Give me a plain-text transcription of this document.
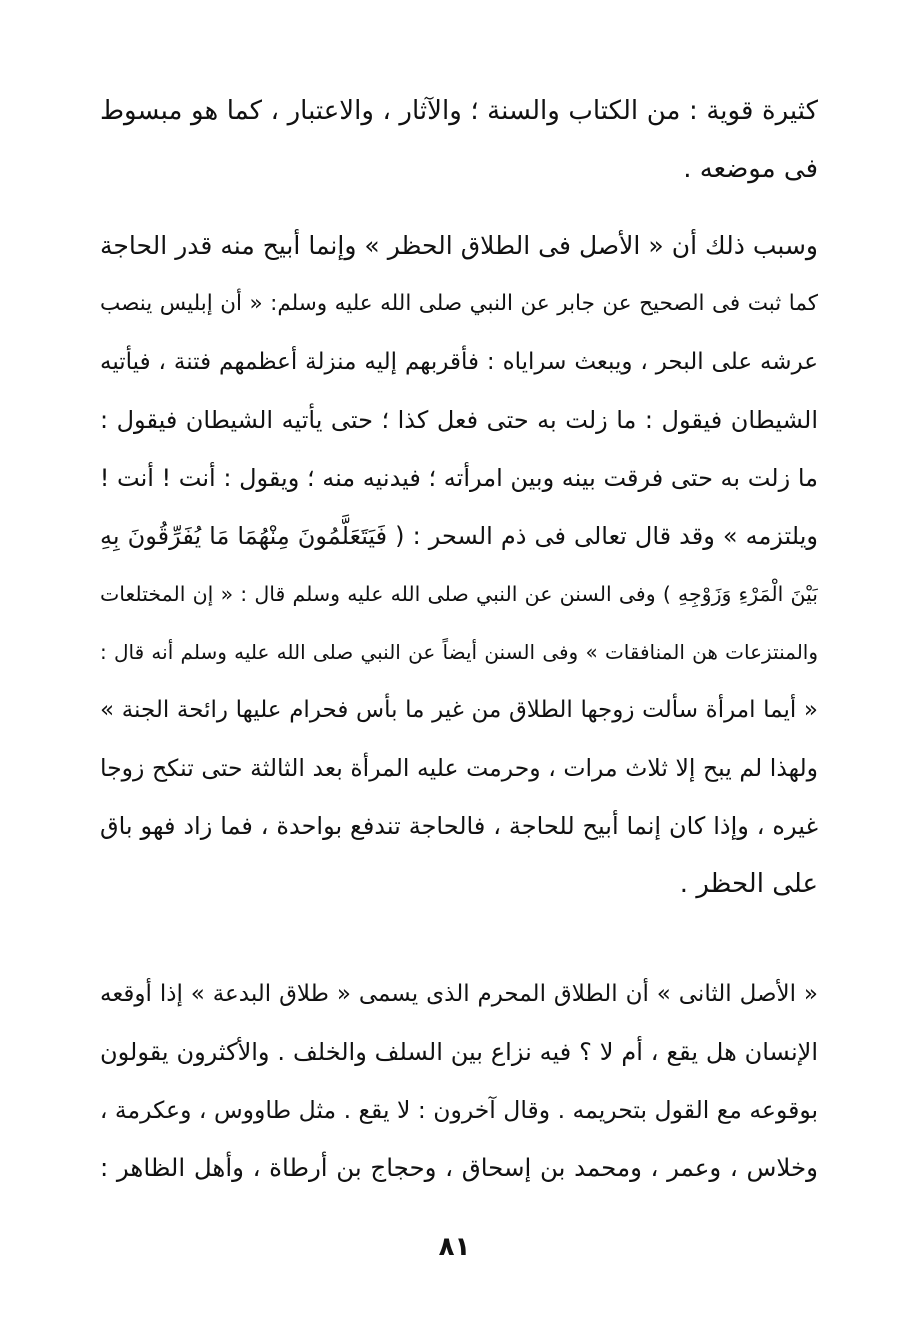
كثيرة قوية : من الكتاب والسنة ؛ والآثار ، والاعتبار ، كما هو مبسوط
فى موضعه .
وسبب ذلك أن « الأصل فى الطلاق الحظر » وإنما أبيح منه قدر الحاجة
كما ثبت فى الصحيح عن جابر عن النبي صلى الله عليه وسلم: « أن إبليس ينصب
عرشه على البحر ، ويبعث سراياه : فأقربهم إليه منزلة أعظمهم فتنة ، فيأتيه
الشيطان فيقول : ما زلت به حتى فعل كذا ؛ حتى يأتيه الشيطان فيقول :
ما زلت به حتى فرقت بينه وبين امرأته ؛ فيدنيه منه ؛ ويقول : أنت ! أنت !
ويلتزمه » وقد قال تعالى فى ذم السحر : ( فَيَتَعَلَّمُونَ مِنْهُمَا مَا يُفَرِّقُونَ بِهِ
بَيْنَ الْمَرْءِ وَزَوْجِهِ ) وفى السنن عن النبي صلى الله عليه وسلم قال : « إن المختلعات
والمنتزعات هن المنافقات » وفى السنن أيضاً عن النبي صلى الله عليه وسلم أنه قال :
« أيما امرأة سألت زوجها الطلاق من غير ما بأس فحرام عليها رائحة الجنة »
ولهذا لم يبح إلا ثلاث مرات ، وحرمت عليه المرأة بعد الثالثة حتى تنكح زوجا
غيره ، وإذا كان إنما أبيح للحاجة ، فالحاجة تندفع بواحدة ، فما زاد فهو باق
على الحظر .
« الأصل الثانى » أن الطلاق المحرم الذى يسمى « طلاق البدعة » إذا أوقعه
الإنسان هل يقع ، أم لا ؟ فيه نزاع بين السلف والخلف . والأكثرون يقولون
بوقوعه مع القول بتحريمه . وقال آخرون : لا يقع . مثل طاووس ، وعكرمة ،
وخلاس ، وعمر ، ومحمد بن إسحاق ، وحجاج بن أرطاة ، وأهل الظاهر :
٨١
